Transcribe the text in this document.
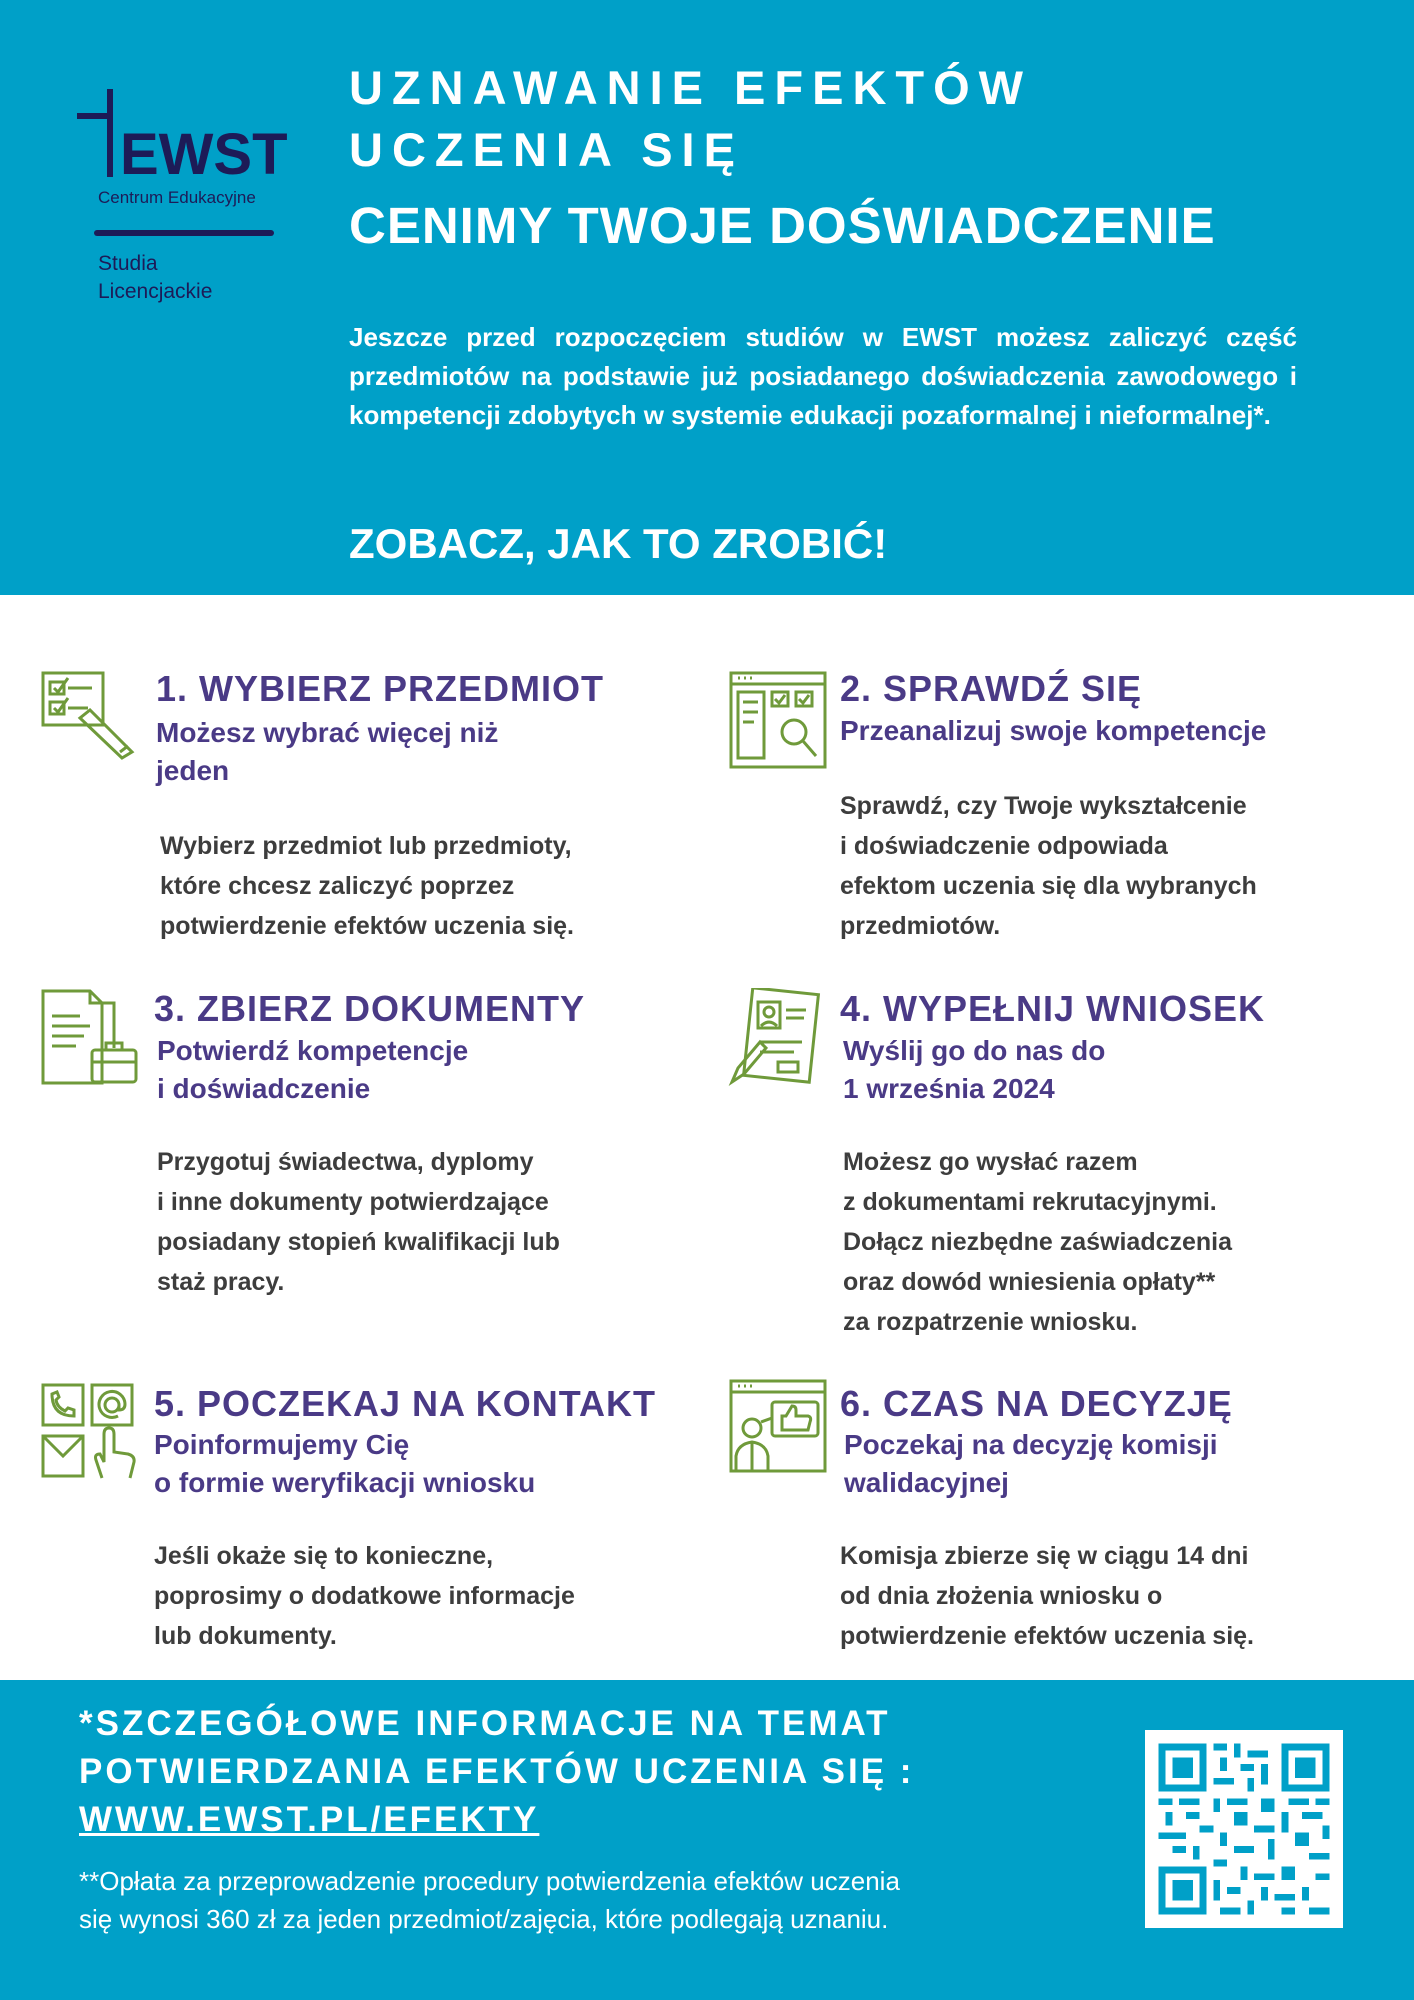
EWST
Centrum Edukacyjne
Studia
Licencjackie
UZNAWANIE EFEKTÓW
UCZENIA SIĘ
CENIMY TWOJE DOŚWIADCZENIE
Jeszcze przed rozpoczęciem studiów w EWST możesz zaliczyć część przedmiotów na podstawie już posiadanego doświadczenia zawodowego i kompetencji zdobytych w systemie edukacji pozaformalnej i nieformalnej*.
ZOBACZ, JAK TO ZROBIĆ!
1. WYBIERZ PRZEDMIOT
Możesz wybrać więcej niż
jeden
Wybierz przedmiot lub przedmioty,
które chcesz zaliczyć poprzez
potwierdzenie efektów uczenia się.
2. SPRAWDŹ SIĘ
Przeanalizuj swoje kompetencje
Sprawdź, czy Twoje wykształcenie
i doświadczenie odpowiada
efektom uczenia się dla wybranych
przedmiotów.
3. ZBIERZ DOKUMENTY
Potwierdź kompetencje
i doświadczenie
Przygotuj świadectwa, dyplomy
i inne dokumenty potwierdzające
posiadany stopień kwalifikacji lub
staż pracy.
4. WYPEŁNIJ WNIOSEK
Wyślij go do nas do
1 września 2024
Możesz go wysłać razem
z dokumentami rekrutacyjnymi.
Dołącz niezbędne zaświadczenia
oraz dowód wniesienia opłaty**
za rozpatrzenie wniosku.
5. POCZEKAJ NA KONTAKT
Poinformujemy Cię
o formie weryfikacji wniosku
Jeśli okaże się to konieczne,
poprosimy o dodatkowe informacje
lub dokumenty.
6. CZAS NA DECYZJĘ
Poczekaj na decyzję komisji
walidacyjnej
Komisja zbierze się w ciągu 14 dni
od dnia złożenia wniosku o
potwierdzenie efektów uczenia się.
*SZCZEGÓŁOWE INFORMACJE NA TEMAT
POTWIERDZANIA EFEKTÓW UCZENIA SIĘ :
WWW.EWST.PL/EFEKTY
**Opłata za przeprowadzenie procedury potwierdzenia efektów uczenia
się wynosi 360 zł za jeden przedmiot/zajęcia, które podlegają uznaniu.
